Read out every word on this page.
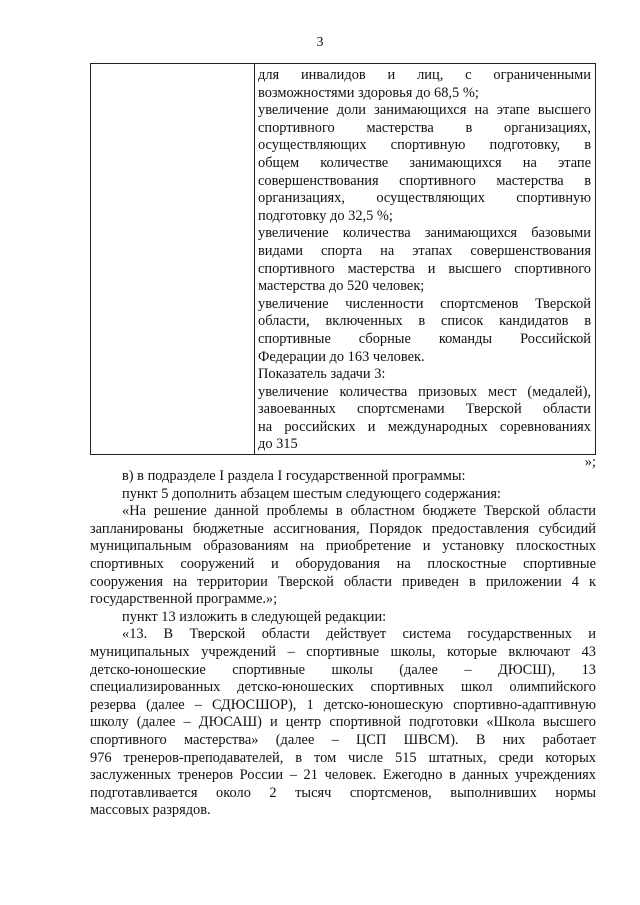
3
для инвалидов и лиц, с ограниченными
возможностями здоровья до 68,5 %;
увеличение доли занимающихся на этапе высшего
спортивного мастерства в организациях,
осуществляющих спортивную подготовку, в
общем количестве занимающихся на этапе
совершенствования спортивного мастерства в
организациях, осуществляющих спортивную
подготовку до 32,5 %;
увеличение количества занимающихся базовыми
видами спорта на этапах совершенствования
спортивного мастерства и высшего спортивного
мастерства до 520 человек;
увеличение численности спортсменов Тверской
области, включенных в список кандидатов в
спортивные сборные команды Российской
Федерации до 163 человек.
Показатель задачи 3:
увеличение количества призовых мест (медалей),
завоеванных спортсменами Тверской области
на российских и международных соревнованиях
до 315
»;
в) в подразделе I раздела I государственной программы:
пункт 5 дополнить абзацем шестым следующего содержания:
«На решение данной проблемы в областном бюджете Тверской области
запланированы бюджетные ассигнования, Порядок предоставления субсидий
муниципальным образованиям на приобретение и установку плоскостных
спортивных сооружений и оборудования на плоскостные спортивные
сооружения на территории Тверской области приведен в приложении 4 к
государственной программе.»;
пункт 13 изложить в следующей редакции:
«13. В Тверской области действует система государственных и
муниципальных учреждений – спортивные школы, которые включают 43
детско-юношеские спортивные школы (далее – ДЮСШ), 13
специализированных детско-юношеских спортивных школ олимпийского
резерва (далее – СДЮСШОР), 1 детско-юношескую спортивно-адаптивную
школу (далее – ДЮСАШ) и центр спортивной подготовки «Школа высшего
спортивного мастерства» (далее – ЦСП ШВСМ). В них работает
976 тренеров-преподавателей, в том числе 515 штатных, среди которых
заслуженных тренеров России – 21 человек. Ежегодно в данных учреждениях
подготавливается около 2 тысяч спортсменов, выполнивших нормы
массовых разрядов.
